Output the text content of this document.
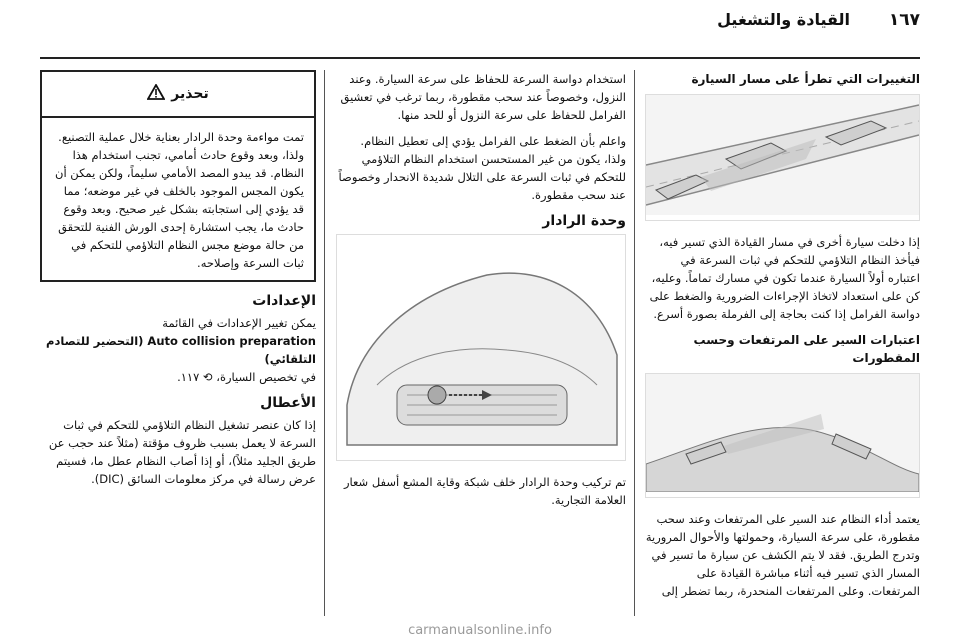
١٦٧
القيادة والتشغيل
التغييرات التي تطرأ على مسار السيارة

إذا دخلت سيارة أخرى في مسار القيادة الذي تسير فيه، فيأخذ النظام التلاؤمي للتحكم في ثبات السرعة في اعتباره أولاً السيارة عندما تكون في مسارك تماماً. وعليه، كن على استعداد لاتخاذ الإجراءات الضرورية والضغط على دواسة الفرامل إذا كنت بحاجة إلى الفرملة بصورة أسرع.

اعتبارات السير على المرتفعات وحسب المقطورات

يعتمد أداء النظام عند السير على المرتفعات وعند سحب مقطورة، على سرعة السيارة، وحمولتها والأحوال المرورية وتدرج الطريق. فقد لا يتم الكشف عن سيارة ما تسير في المسار الذي تسير فيه أثناء مباشرة القيادة على المرتفعات. وعلى المرتفعات المنحدرة، ربما تضطر إلى

استخدام دواسة السرعة للحفاظ على سرعة السيارة. وعند النزول، وخصوصاً عند سحب مقطورة، ربما ترغب في تعشيق الفرامل للحفاظ على سرعة النزول أو للحد منها.

واعلم بأن الضغط على الفرامل يؤدي إلى تعطيل النظام. ولذا، يكون من غير المستحسن استخدام النظام التلاؤمي للتحكم في ثبات السرعة على التلال شديدة الانحدار وخصوصاً عند سحب مقطورة.

وحدة الرادار

تم تركيب وحدة الرادار خلف شبكة وقاية المشع أسفل شعار العلامة التجارية.

تحذير
تمت مواءمة وحدة الرادار بعناية خلال عملية التصنيع. ولذا، وبعد وقوع حادث أمامي، تجنب استخدام هذا النظام. قد يبدو المصد الأمامي سليماً، ولكن يمكن أن يكون المجس الموجود بالخلف في غير موضعه؛ مما قد يؤدي إلى استجابته بشكل غير صحيح. وبعد وقوع حادث ما، يجب استشارة إحدى الورش الفنية للتحقق من حالة موضع مجس النظام التلاؤمي للتحكم في ثبات السرعة وإصلاحه.
الإعدادات

يمكن تغيير الإعدادات في القائمة

Auto collision preparation (التحضير للتصادم التلقائي)

في تخصيص السيارة، ⟲ ١١٧.

الأعطال

إذا كان عنصر تشغيل النظام التلاؤمي للتحكم في ثبات السرعة لا يعمل بسبب ظروف مؤقتة (مثلاً عند حجب عن طريق الجليد مثلاً)، أو إذا أصاب النظام عطل ما، فسيتم عرض رسالة في مركز معلومات السائق (DIC).

carmanualsonline.info
